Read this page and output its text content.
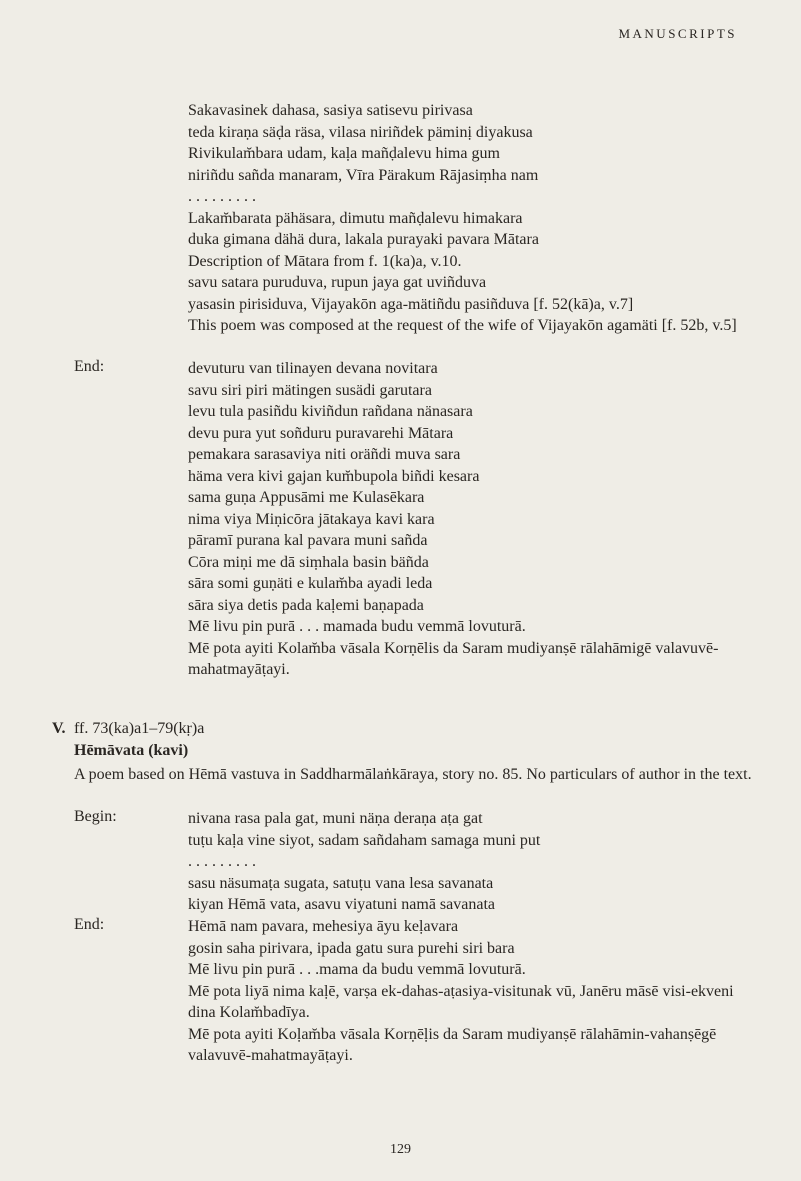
MANUSCRIPTS
Sakavasinek dahasa, sasiya satisevu pirivasa
teda kiraṇa säḍa räsa, vilasa niriñdek päminị diyakusa
Rivikulam̆bara udam, kaḷa mañḍalevu hima gum
niriñdu sañda manaram, Vīra Pärakum Rājasiṃha nam
. . . . . . . . .
Lakam̆barata pähäsara, dimutu mañḍalevu himakara
duka gimana dähä dura, lakala purayaki pavara Mātara
Description of Mātara from f. 1(ka)a, v.10.
savu satara puruduva, rupun jaya gat uviñduva
yasasin pirisiduva, Vijayakōn aga-mätiñdu pasiñduva [f. 52(kā)a, v.7]
This poem was composed at the request of the wife of Vijayakōn agamäti [f. 52b, v.5]
End:	devuturu van tilinayen devana novitara
savu siri piri mätingen susädi garutara
levu tula pasiñdu kiviñdun rañdana nänasara
devu pura yut soñduru puravarehi Mātara
pemakara sarasaviya niti oräñdi muva sara
häma vera kivi gajan kum̆bupola biñdi kesara
sama guṇa Appusāmi me Kulasēkara
nima viya Miṇicōra jātakaya kavi kara
pāramī purana kal pavara muni sañda
Cōra miṇi me dā siṃhala basin bäñda
sāra somi guṇäti e kulam̆ba ayadi leda
sāra siya detis pada kaḷemi baṇapada
Mē livu pin purā . . . mamada budu vemmā lovuturā.
Mē pota ayiti Kolam̆ba vāsala Korṇēlis da Saram mudiyanṣē rālahāmigē valavuvē-mahatmayāṭayi.
V. ff. 73(ka)a1–79(kṛ)a
Hēmāvata (kavi)
A poem based on Hēmā vastuva in Saddharmālaṅkāraya, story no. 85. No particulars of author in the text.
Begin:	nivana rasa pala gat, muni näṇa deraṇa aṭa gat
tuṭu kaḷa vine siyot, sadam sañdaham samaga muni put
. . . . . . . . .
sasu näsumaṭa sugata, satuṭu vana lesa savanata
kiyan Hēmā vata, asavu viyatuni namā savanata
End:	Hēmā nam pavara, mehesiya āyu keḷavara
gosin saha pirivara, ipada gatu sura purehi siri bara
Mē livu pin purā . . .mama da budu vemmā lovuturā.
Mē pota liyā nima kaḷē, varṣa ek-dahas-aṭasiya-visitunak vū, Janēru māsē visi-ekveni dina Kolam̆badīya.
Mē pota ayiti Koḷam̆ba vāsala Korṇēḷis da Saram mudiyanṣē rālahāmin-vahanṣēgē valavuvē-mahatmayāṭayi.
129
